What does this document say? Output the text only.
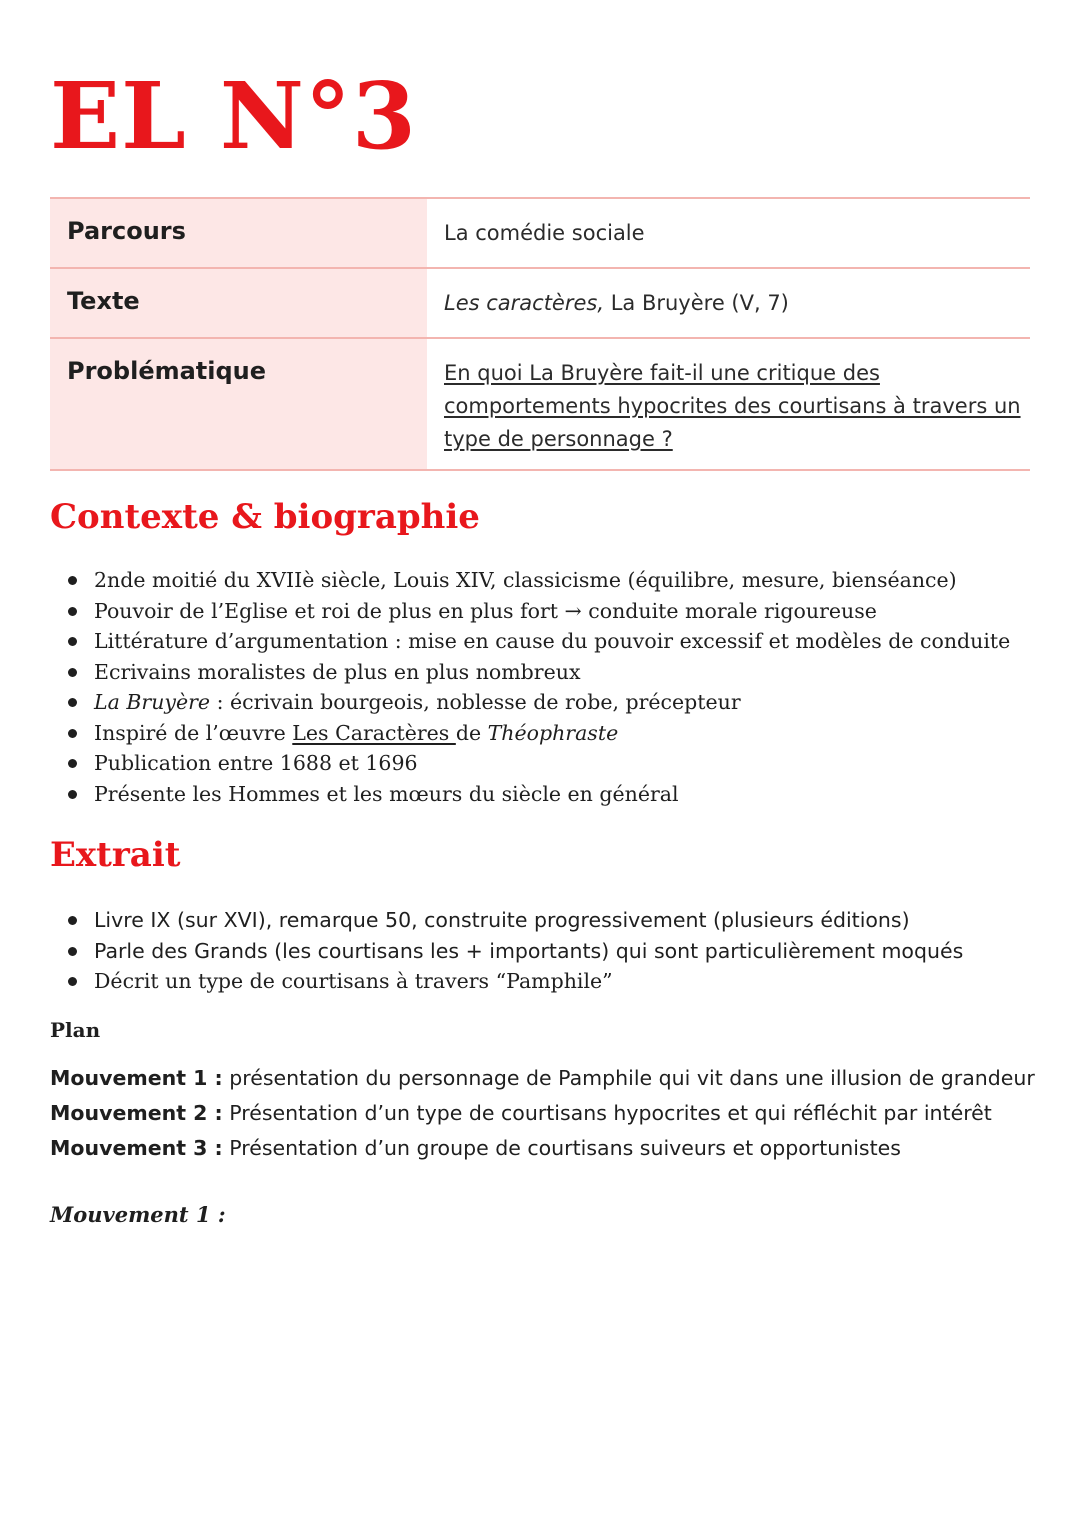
EL N°3
Parcours	La comédie sociale
Texte	Les caractères, La Bruyère (V, 7)
Problématique	En quoi La Bruyère fait-il une critique des comportements hypocrites des courtisans à travers un type de personnage ?
Contexte & biographie
2nde moitié du XVIIè siècle, Louis XIV, classicisme (équilibre, mesure, bienséance)
Pouvoir de l’Eglise et roi de plus en plus fort → conduite morale rigoureuse
Littérature d’argumentation : mise en cause du pouvoir excessif et modèles de conduite
Ecrivains moralistes de plus en plus nombreux
La Bruyère : écrivain bourgeois, noblesse de robe, précepteur
Inspiré de l’œuvre Les Caractères de Théophraste
Publication entre 1688 et 1696
Présente les Hommes et les mœurs du siècle en général
Extrait
Livre IX (sur XVI), remarque 50, construite progressivement (plusieurs éditions)
Parle des Grands (les courtisans les + importants) qui sont particulièrement moqués
Décrit un type de courtisans à travers “Pamphile”
Plan
Mouvement 1 : présentation du personnage de Pamphile qui vit dans une illusion de grandeur
Mouvement 2 : Présentation d’un type de courtisans hypocrites et qui réfléchit par intérêt
Mouvement 3 : Présentation d’un groupe de courtisans suiveurs et opportunistes
Mouvement 1 :
